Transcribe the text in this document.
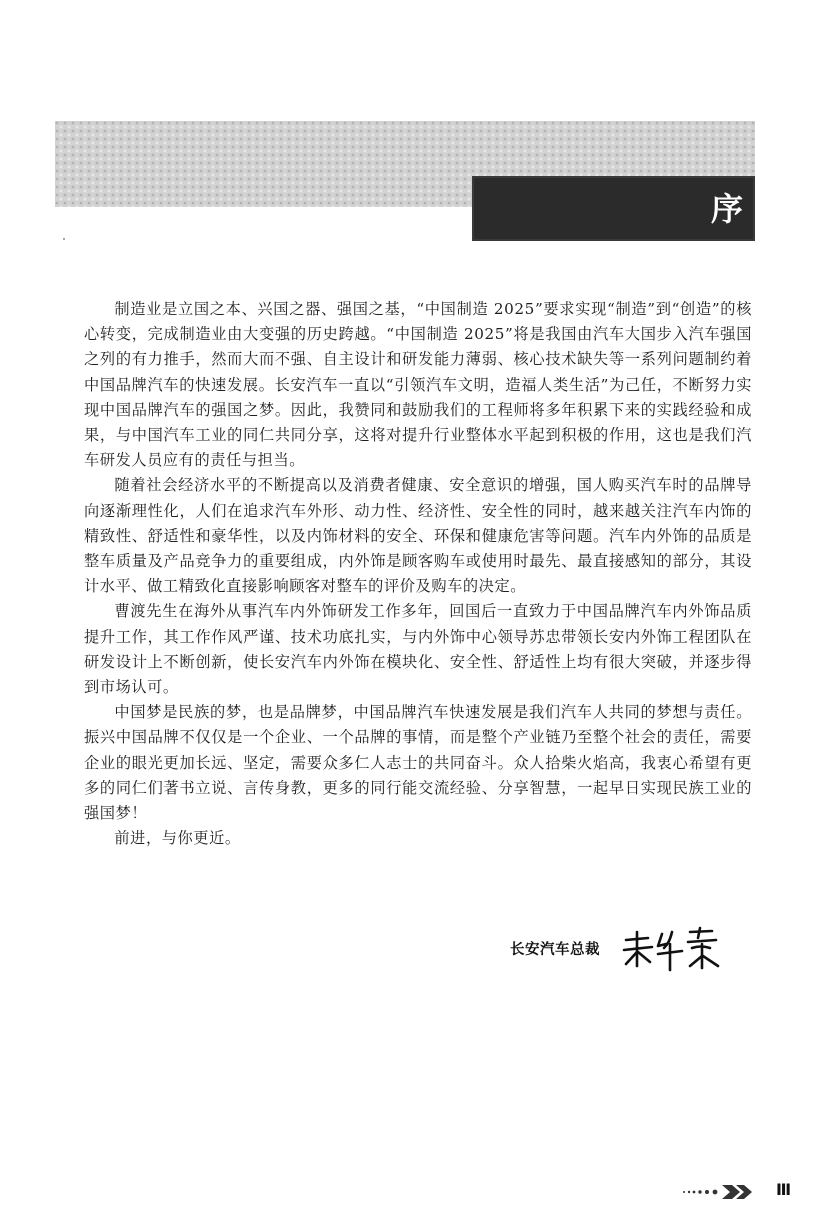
序

制造业是立国之本、兴国之器、强国之基，“中国制造 2025”要求实现“制造”到“创造”的核心转变，完成制造业由大变强的历史跨越。“中国制造 2025”将是我国由汽车大国步入汽车强国之列的有力推手，然而大而不强、自主设计和研发能力薄弱、核心技术缺失等一系列问题制约着中国品牌汽车的快速发展。长安汽车一直以“引领汽车文明，造福人类生活”为己任，不断努力实现中国品牌汽车的强国之梦。因此，我赞同和鼓励我们的工程师将多年积累下来的实践经验和成果，与中国汽车工业的同仁共同分享，这将对提升行业整体水平起到积极的作用，这也是我们汽车研发人员应有的责任与担当。

随着社会经济水平的不断提高以及消费者健康、安全意识的增强，国人购买汽车时的品牌导向逐渐理性化，人们在追求汽车外形、动力性、经济性、安全性的同时，越来越关注汽车内饰的精致性、舒适性和豪华性，以及内饰材料的安全、环保和健康危害等问题。汽车内外饰的品质是整车质量及产品竞争力的重要组成，内外饰是顾客购车或使用时最先、最直接感知的部分，其设计水平、做工精致化直接影响顾客对整车的评价及购车的决定。

曹渡先生在海外从事汽车内外饰研发工作多年，回国后一直致力于中国品牌汽车内外饰品质提升工作，其工作作风严谨、技术功底扎实，与内外饰中心领导苏忠带领长安内外饰工程团队在研发设计上不断创新，使长安汽车内外饰在模块化、安全性、舒适性上均有很大突破，并逐步得到市场认可。

中国梦是民族的梦，也是品牌梦，中国品牌汽车快速发展是我们汽车人共同的梦想与责任。振兴中国品牌不仅仅是一个企业、一个品牌的事情，而是整个产业链乃至整个社会的责任，需要企业的眼光更加长远、坚定，需要众多仁人志士的共同奋斗。众人拾柴火焰高，我衷心希望有更多的同仁们著书立说、言传身教，更多的同行能交流经验、分享智慧，一起早日实现民族工业的强国梦！

前进，与你更近。

长安汽车总裁
Ⅲ
